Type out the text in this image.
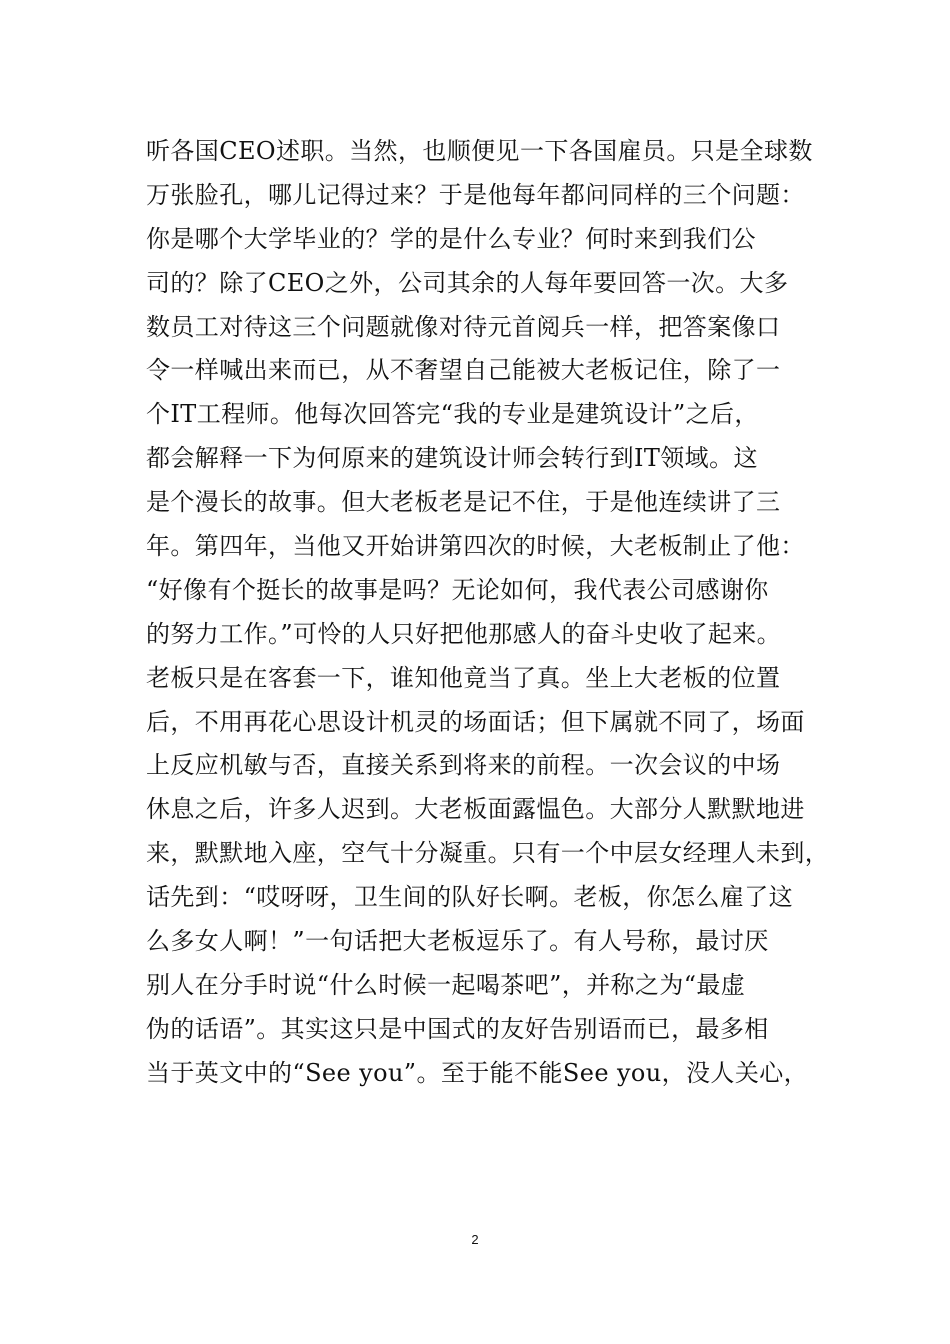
听各国CEO述职。当然，也顺便见一下各国雇员。只是全球数
万张脸孔，哪儿记得过来？于是他每年都问同样的三个问题：
你是哪个大学毕业的？学的是什么专业？何时来到我们公
司的？除了CEO之外，公司其余的人每年要回答一次。大多
数员工对待这三个问题就像对待元首阅兵一样，把答案像口
令一样喊出来而已，从不奢望自己能被大老板记住，除了一
个IT工程师。他每次回答完“我的专业是建筑设计”之后，
都会解释一下为何原来的建筑设计师会转行到IT领域。这
是个漫长的故事。但大老板老是记不住，于是他连续讲了三
年。第四年，当他又开始讲第四次的时候，大老板制止了他：
“好像有个挺长的故事是吗？无论如何，我代表公司感谢你
的努力工作。”可怜的人只好把他那感人的奋斗史收了起来。
老板只是在客套一下，谁知他竟当了真。坐上大老板的位置
后，不用再花心思设计机灵的场面话；但下属就不同了，场面
上反应机敏与否，直接关系到将来的前程。一次会议的中场
休息之后，许多人迟到。大老板面露愠色。大部分人默默地进
来，默默地入座，空气十分凝重。只有一个中层女经理人未到，
话先到：“哎呀呀，卫生间的队好长啊。老板，你怎么雇了这
么多女人啊！”一句话把大老板逗乐了。有人号称，最讨厌
别人在分手时说“什么时候一起喝茶吧”，并称之为“最虚
伪的话语”。其实这只是中国式的友好告别语而已，最多相
当于英文中的“See you”。至于能不能See you，没人关心，
2
